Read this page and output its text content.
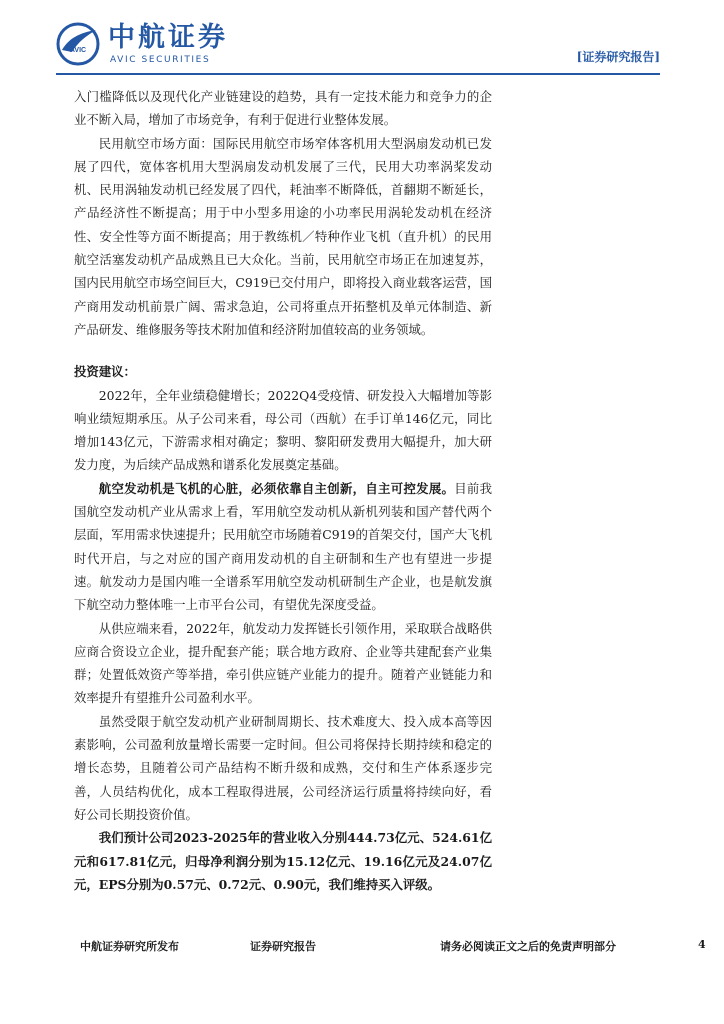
AVIC 中航证券
AVIC SECURITIES	[证券研究报告]

入门槛降低以及现代化产业链建设的趋势，具有一定技术能力和竞争力的企业不断入局，增加了市场竞争，有利于促进行业整体发展。

民用航空市场方面：国际民用航空市场窄体客机用大型涡扇发动机已发展了四代，宽体客机用大型涡扇发动机发展了三代，民用大功率涡桨发动机、民用涡轴发动机已经发展了四代，耗油率不断降低，首翻期不断延长，产品经济性不断提高；用于中小型多用途的小功率民用涡轮发动机在经济性、安全性等方面不断提高；用于教练机／特种作业飞机（直升机）的民用航空活塞发动机产品成熟且已大众化。当前，民用航空市场正在加速复苏，国内民用航空市场空间巨大，C919已交付用户，即将投入商业载客运营，国产商用发动机前景广阔、需求急迫，公司将重点开拓整机及单元体制造、新产品研发、维修服务等技术附加值和经济附加值较高的业务领域。

投资建议：

2022年，全年业绩稳健增长；2022Q4受疫情、研发投入大幅增加等影响业绩短期承压。从子公司来看，母公司（西航）在手订单146亿元，同比增加143亿元，下游需求相对确定；黎明、黎阳研发费用大幅提升，加大研发力度，为后续产品成熟和谱系化发展奠定基础。

航空发动机是飞机的心脏，必须依靠自主创新，自主可控发展。目前我国航空发动机产业从需求上看，军用航空发动机从新机列装和国产替代两个层面，军用需求快速提升；民用航空市场随着C919的首架交付，国产大飞机时代开启，与之对应的国产商用发动机的自主研制和生产也有望进一步提速。航发动力是国内唯一全谱系军用航空发动机研制生产企业，也是航发旗下航空动力整体唯一上市平台公司，有望优先深度受益。

从供应端来看，2022年，航发动力发挥链长引领作用，采取联合战略供应商合资设立企业，提升配套产能；联合地方政府、企业等共建配套产业集群；处置低效资产等举措，牵引供应链产业能力的提升。随着产业链能力和效率提升有望推升公司盈利水平。

虽然受限于航空发动机产业研制周期长、技术难度大、投入成本高等因素影响，公司盈利放量增长需要一定时间。但公司将保持长期持续和稳定的增长态势，且随着公司产品结构不断升级和成熟，交付和生产体系逐步完善，人员结构优化，成本工程取得进展，公司经济运行质量将持续向好，看好公司长期投资价值。

我们预计公司2023-2025年的营业收入分别444.73亿元、524.61亿元和617.81亿元，归母净利润分别为15.12亿元、19.16亿元及24.07亿元，EPS分别为0.57元、0.72元、0.90元，我们维持买入评级。

中航证券研究所发布	证券研究报告	请务必阅读正文之后的免责声明部分	4
